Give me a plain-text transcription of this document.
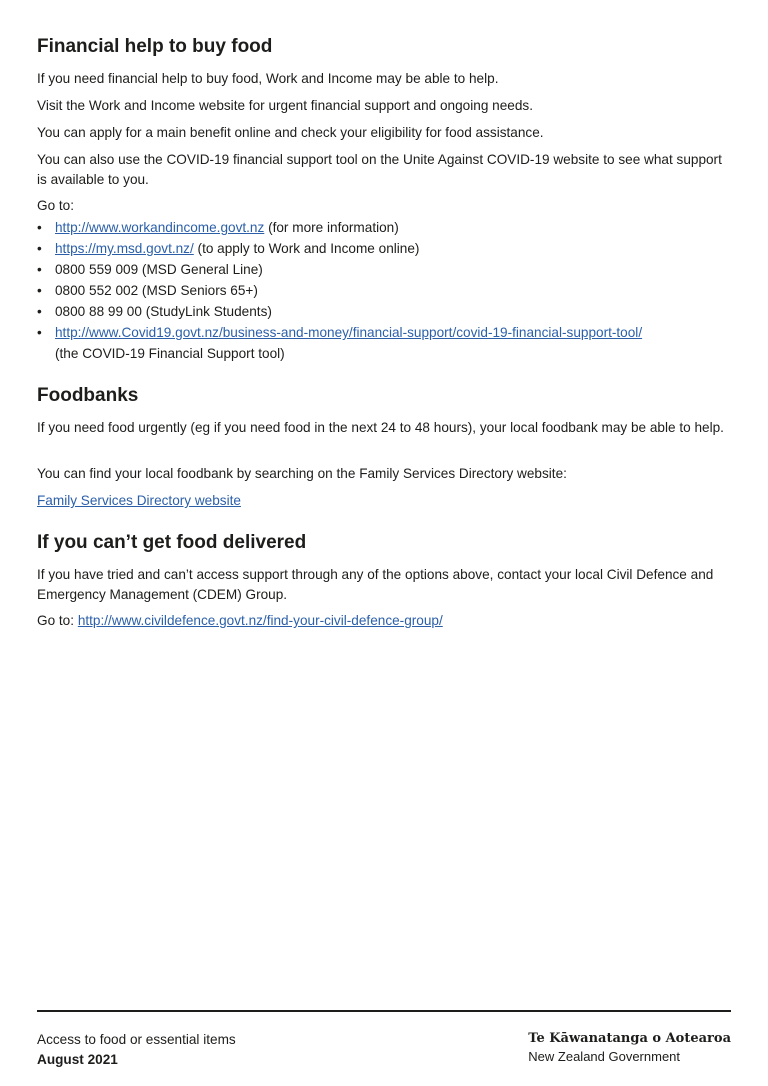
Financial help to buy food

If you need financial help to buy food, Work and Income may be able to help.

Visit the Work and Income website for urgent financial support and ongoing needs.

You can apply for a main benefit online and check your eligibility for food assistance.

You can also use the COVID-19 financial support tool on the Unite Against COVID-19 website to see what support is available to you.

Go to:

• http://www.workandincome.govt.nz (for more information)
• https://my.msd.govt.nz/ (to apply to Work and Income online)
• 0800 559 009 (MSD General Line)
• 0800 552 002 (MSD Seniors 65+)
• 0800 88 99 00 (StudyLink Students)
• http://www.Covid19.govt.nz/business-and-money/financial-support/covid-19-financial-support-tool/
(the COVID-19 Financial Support tool)
Foodbanks

If you need food urgently (eg if you need food in the next 24 to 48 hours), your local foodbank may be able to help.

You can find your local foodbank by searching on the Family Services Directory website:

Family Services Directory website

If you can’t get food delivered

If you have tried and can’t access support through any of the options above, contact your local Civil Defence and Emergency Management (CDEM) Group.

Go to: http://www.civildefence.govt.nz/find-your-civil-defence-group/

Access to food or essential items
August 2021
Te Kāwanatanga o Aotearoa
New Zealand Government
